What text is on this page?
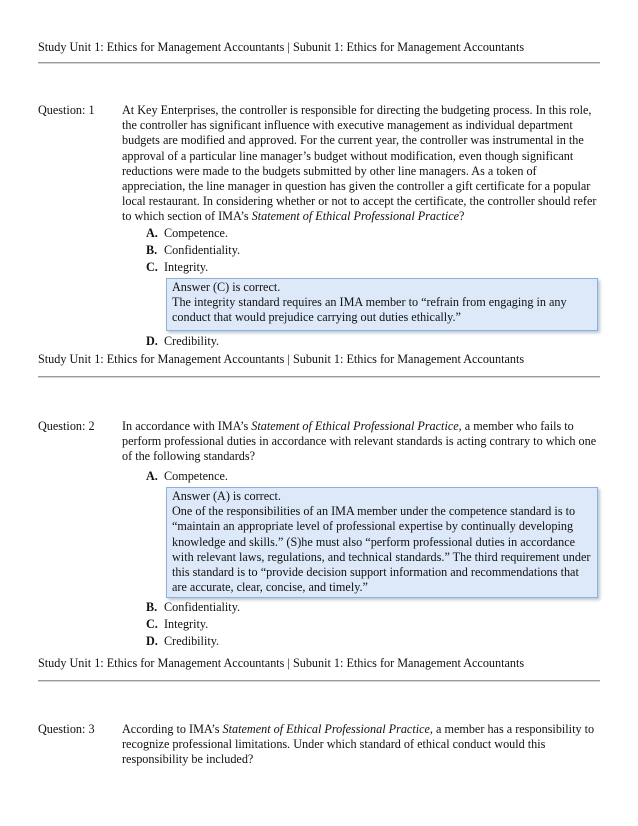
Study Unit 1: Ethics for Management Accountants | Subunit 1: Ethics for Management Accountants
Question: 1 At Key Enterprises, the controller is responsible for directing the budgeting process. In this role, the controller has significant influence with executive management as individual department budgets are modified and approved. For the current year, the controller was instrumental in the approval of a particular line manager’s budget without modification, even though significant reductions were made to the budgets submitted by other line managers. As a token of appreciation, the line manager in question has given the controller a gift certificate for a popular local restaurant. In considering whether or not to accept the certificate, the controller should refer to which section of IMA’s Statement of Ethical Professional Practice?
A. Competence.
B. Confidentiality.
C. Integrity.
Answer (C) is correct.
The integrity standard requires an IMA member to “refrain from engaging in any conduct that would prejudice carrying out duties ethically.”
D. Credibility.
Study Unit 1: Ethics for Management Accountants | Subunit 1: Ethics for Management Accountants
Question: 2 In accordance with IMA’s Statement of Ethical Professional Practice, a member who fails to perform professional duties in accordance with relevant standards is acting contrary to which one of the following standards?
A. Competence.
Answer (A) is correct.
One of the responsibilities of an IMA member under the competence standard is to “maintain an appropriate level of professional expertise by continually developing knowledge and skills.” (S)he must also “perform professional duties in accordance with relevant laws, regulations, and technical standards.” The third requirement under this standard is to “provide decision support information and recommendations that are accurate, clear, concise, and timely.”
B. Confidentiality.
C. Integrity.
D. Credibility.
Study Unit 1: Ethics for Management Accountants | Subunit 1: Ethics for Management Accountants
Question: 3 According to IMA’s Statement of Ethical Professional Practice, a member has a responsibility to recognize professional limitations. Under which standard of ethical conduct would this responsibility be included?
